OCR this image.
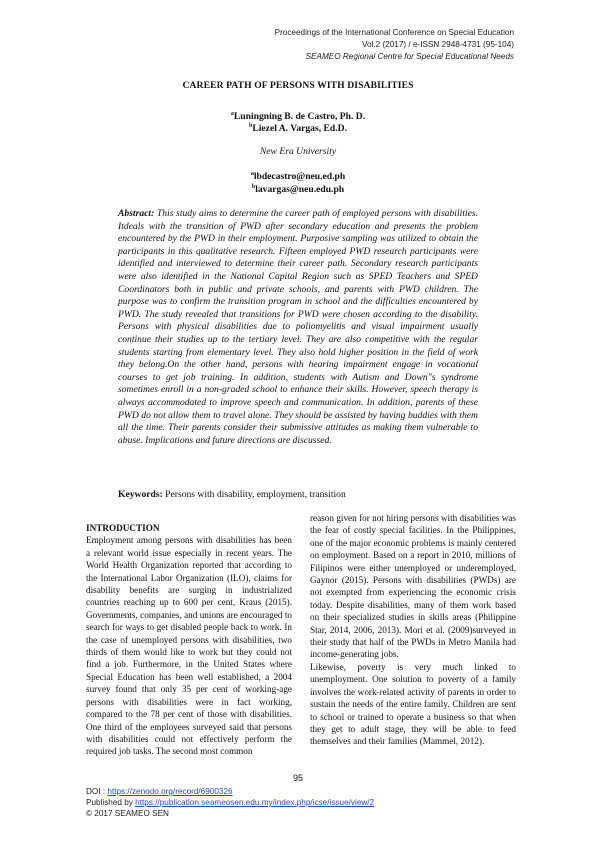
Proceedings of the International Conference on Special Education
Vol.2 (2017) / e-ISSN 2948-4731 (95-104)
SEAMEO Regional Centre for Special Educational Needs
CAREER PATH OF PERSONS WITH DISABILITIES
$^a$Luningning B. de Castro, Ph. D.
$^b$Liezel A. Vargas, Ed.D.
New Era University
$^a$lbdecastro@neu.ed.ph
$^b$lavargas@neu.edu.ph
Abstract: This study aims to determine the career path of employed persons with disabilities. Itdeals with the transition of PWD after secondary education and presents the problem encountered by the PWD in their employment. Purposive sampling was utilized to obtain the participants in this qualitative research. Fifteen employed PWD research participants were identified and interviewed to determine their career path. Secondary research participants were also identified in the National Capital Region such as SPED Teachers and SPED Coordinators both in public and private schools, and parents with PWD children. The purpose was to confirm the transition program in school and the difficulties encountered by PWD. The study revealed that transitions for PWD were chosen according to the disability. Persons with physical disabilities due to poliomyelitis and visual impairment usually continue their studies up to the tertiary level. They are also competitive with the regular students starting from elementary level. They also hold higher position in the field of work they belong.On the other hand, persons with hearing impairment engage in vocational courses to get job training. In addition, students with Autism and Down"s syndrome sometimes enroll in a non-graded school to enhance their skills. However, speech therapy is always accommodated to improve speech and communication. In addition, parents of these PWD do not allow them to travel alone. They should be assisted by having buddies with them all the time. Their parents consider their submissive attitudes as making them vulnerable to abuse. Implications and future directions are discussed.
Keywords: Persons with disability, employment, transition
INTRODUCTION

Employment among persons with disabilities has been a relevant world issue especially in recent years. The World Health Organization reported that according to the International Labor Organization (ILO), claims for disability benefits are surging in industrialized countries reaching up to 600 per cent, Kraus (2015). Governments, companies, and unions are encouraged to search for ways to get disabled people back to work. In the case of unemployed persons with disabilities, two thirds of them would like to work but they could not find a job. Furthermore, in the United States where Special Education has been well established, a 2004 survey found that only 35 per cent of working-age persons with disabilities were in fact working, compared to the 78 per cent of those with disabilities. One third of the employees surveyed said that persons with disabilities could not effectively perform the required job tasks. The second most common

reason given for not hiring persons with disabilities was the fear of costly special facilities. In the Philippines, one of the major economic problems is mainly centered on employment. Based on a report in 2010, millions of Filipinos were either unemployed or underemployed, Gaynor (2015). Persons with disabilities (PWDs) are not exempted from experiencing the economic crisis today. Despite disabilities, many of them work based on their specialized studies in skills areas (Philippine Star, 2014, 2006, 2013). Mori et al. (2009)surveyed in their study that half of the PWDs in Metro Manila had income-generating jobs.

Likewise, poverty is very much linked to unemployment. One solution to poverty of a family involves the work-related activity of parents in order to sustain the needs of the entire family. Children are sent to school or trained to operate a business so that when they get to adult stage, they will be able to feed themselves and their families (Mammel, 2012).

95
DOI : https://zenodo.org/record/6900326
Published by https://publication.seameosen.edu.my/index.php/icse/issue/view/2
© 2017 SEAMEO SEN
